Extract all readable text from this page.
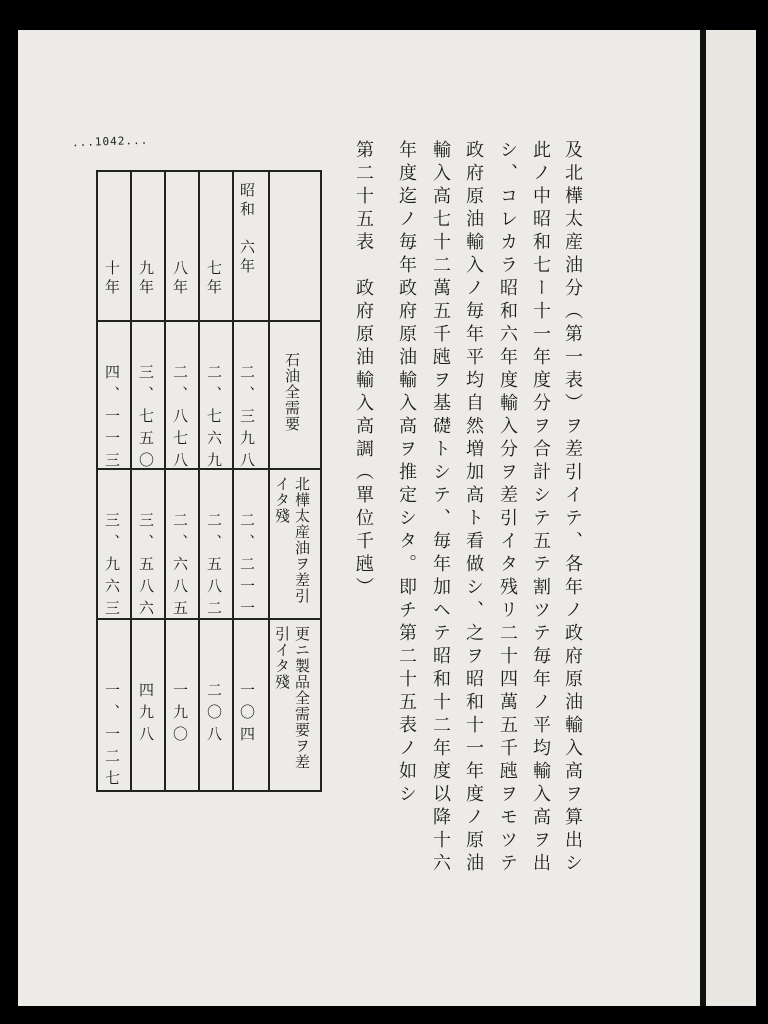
...1042...	及北樺太産油分（第一表）ヲ差引イテ、各年ノ政府原油輸入高ヲ算出シ
此ノ中昭和七ー十一年度分ヲ合計シテ五テ割ツテ毎年ノ平均輸入高ヲ出
シ、コレカラ昭和六年度輸入分ヲ差引イタ残リ二十四萬五千瓲ヲモツテ
政府原油輸入ノ毎年平均自然増加高ト看做シ、之ヲ昭和十一年度ノ原油
輸入高七十二萬五千瓲ヲ基礎トシテ、毎年加ヘテ昭和十二年度以降十六
年度迄ノ毎年政府原油輸入高ヲ推定シタ。即チ第二十五表ノ如シ
第二十五表　政府原油輸入高調（單位千瓲）
石油全需要
北樺太産油ヲ差引イタ殘
更ニ製品全需要ヲ差引イタ殘
昭和　六年
七年
八年
九年
十年
二、三九八
二、七六九
二、八七八
三、七五〇
四、一一三
二、二一一
二、五八二
二、六八五
三、五八六
三、九六三
一〇四
二〇八
一九〇
四九八
一、一二七
